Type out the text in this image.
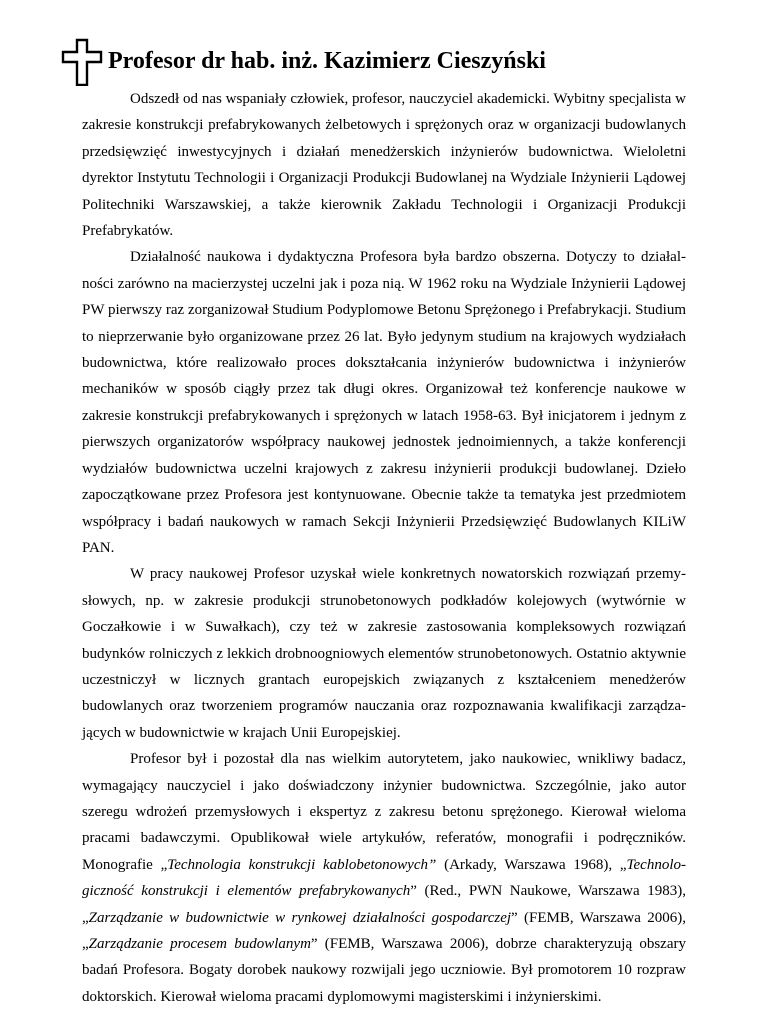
Profesor dr hab. inż. Kazimierz Cieszyński

Odszedł od nas wspaniały człowiek, profesor, nauczyciel akademicki. Wybitny specjalista w zakresie konstrukcji prefabrykowanych żelbetowych i sprężonych oraz w organizacji budowlanych przedsięwzięć inwestycyjnych i działań menedżerskich inżynierów budownictwa. Wieloletni dyrektor Instytutu Technologii i Organizacji Produkcji Budowlanej na Wydziale Inżynierii Lądowej Politechniki Warszawskiej, a także kierownik Zakładu Technologii i Organizacji Produkcji Prefabrykatów.

Działalność naukowa i dydaktyczna Profesora była bardzo obszerna. Dotyczy to działalności zarówno na macierzystej uczelni jak i poza nią. W 1962 roku na Wydziale Inżynierii Lądowej PW pierwszy raz zorganizował Studium Podyplomowe Betonu Sprężonego i Prefabrykacji. Studium to nieprzerwanie było organizowane przez 26 lat. Było jedynym studium na krajowych wydziałach budownictwa, które realizowało proces dokształcania inżynierów budownictwa i inżynierów mechaników w sposób ciągły przez tak długi okres. Organizował też konferencje naukowe w zakresie konstrukcji prefabrykowanych i sprężonych w latach 1958-63. Był inicjatorem i jednym z pierwszych organizatorów współpracy naukowej jednostek jednoimiennych, a także konferencji wydziałów budownictwa uczelni krajowych z zakresu inżynierii produkcji budowlanej. Dzieło zapoczątkowane przez Profesora jest kontynuowane. Obecnie także ta tematyka jest przedmiotem współpracy i badań naukowych w ramach Sekcji Inżynierii Przedsięwzięć Budowlanych KILiW PAN.

W pracy naukowej Profesor uzyskał wiele konkretnych nowatorskich rozwiązań przemysłowych, np. w zakresie produkcji strunobetonowych podkładów kolejowych (wytwórnie w Goczałkowie i w Suwałkach), czy też w zakresie zastosowania kompleksowych rozwiązań budynków rolniczych z lekkich drobnoogniowych elementów strunobetonowych. Ostatnio aktywnie uczestniczył w licznych grantach europejskich związanych z kształceniem menedżerów budowlanych oraz tworzeniem programów nauczania oraz rozpoznawania kwalifikacji zarządzających w budownictwie w krajach Unii Europejskiej.

Profesor był i pozostał dla nas wielkim autorytetem, jako naukowiec, wnikliwy badacz, wymagający nauczyciel i jako doświadczony inżynier budownictwa. Szczególnie, jako autor szeregu wdrożeń przemysłowych i ekspertyz z zakresu betonu sprężonego. Kierował wieloma pracami badawczymi. Opublikował wiele artykułów, referatów, monografii i podręczników. Monografie „Technologia konstrukcji kablobetonowych” (Arkady, Warszawa 1968), „Technologiczność konstrukcji i elementów prefabrykowanych” (Red., PWN Naukowe, Warszawa 1983), „Zarządzanie w budownictwie w rynkowej działalności gospodarczej” (FEMB, Warszawa 2006), „Zarządzanie procesem budowlanym” (FEMB, Warszawa 2006), dobrze charakteryzują obszary badań Profesora. Bogaty dorobek naukowy rozwijali jego uczniowie. Był promotorem 10 rozpraw doktorskich. Kierował wieloma pracami dyplomowymi magisterskimi i inżynierskimi.
